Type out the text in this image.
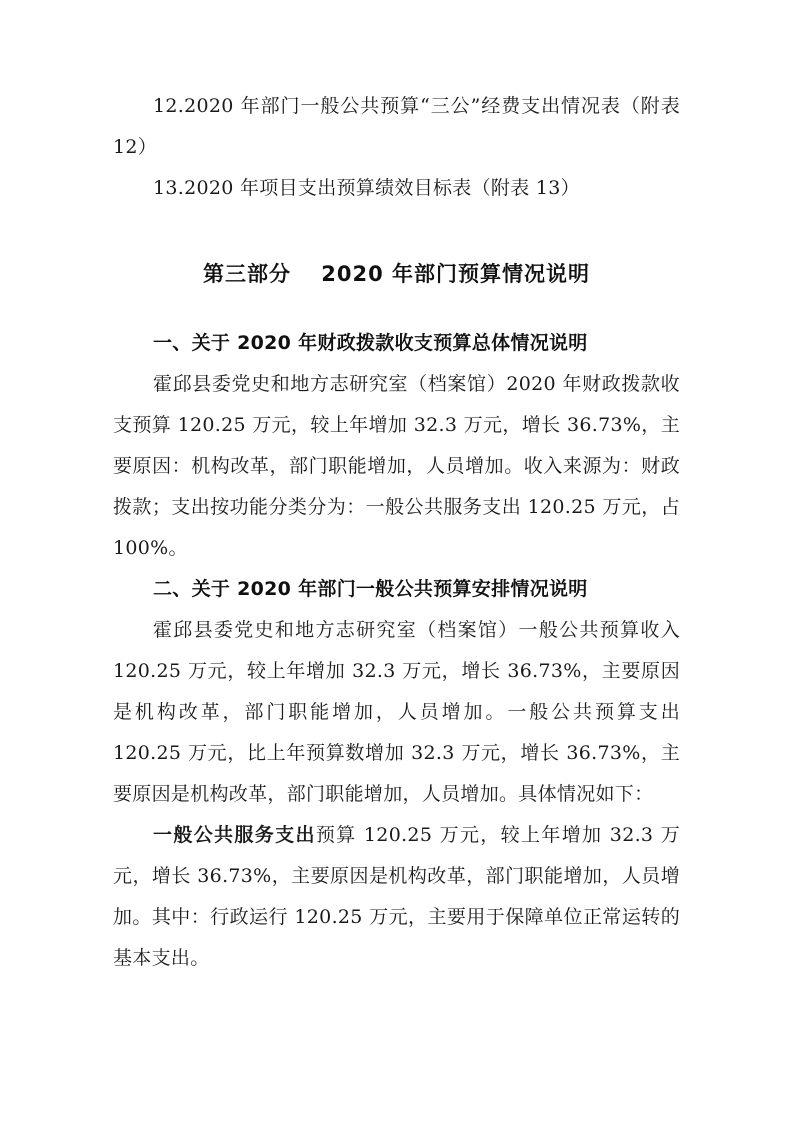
12.2020 年部门一般公共预算“三公”经费支出情况表（附表 12）

13.2020 年项目支出预算绩效目标表（附表 13）

第三部分　 2020 年部门预算情况说明
一、关于 2020 年财政拨款收支预算总体情况说明

霍邱县委党史和地方志研究室（档案馆）2020 年财政拨款收支预算 120.25 万元，较上年增加 32.3 万元，增长 36.73%，主要原因：机构改革，部门职能增加，人员增加。收入来源为：财政拨款；支出按功能分类分为：一般公共服务支出 120.25 万元，占 100%。

二、关于 2020 年部门一般公共预算安排情况说明

霍邱县委党史和地方志研究室（档案馆）一般公共预算收入 120.25 万元，较上年增加 32.3 万元，增长 36.73%，主要原因是机构改革，部门职能增加，人员增加。一般公共预算支出 120.25 万元，比上年预算数增加 32.3 万元，增长 36.73%，主要原因是机构改革，部门职能增加，人员增加。具体情况如下：

一般公共服务支出预算 120.25 万元，较上年增加 32.3 万元，增长 36.73%，主要原因是机构改革，部门职能增加，人员增加。其中：行政运行 120.25 万元，主要用于保障单位正常运转的基本支出。
